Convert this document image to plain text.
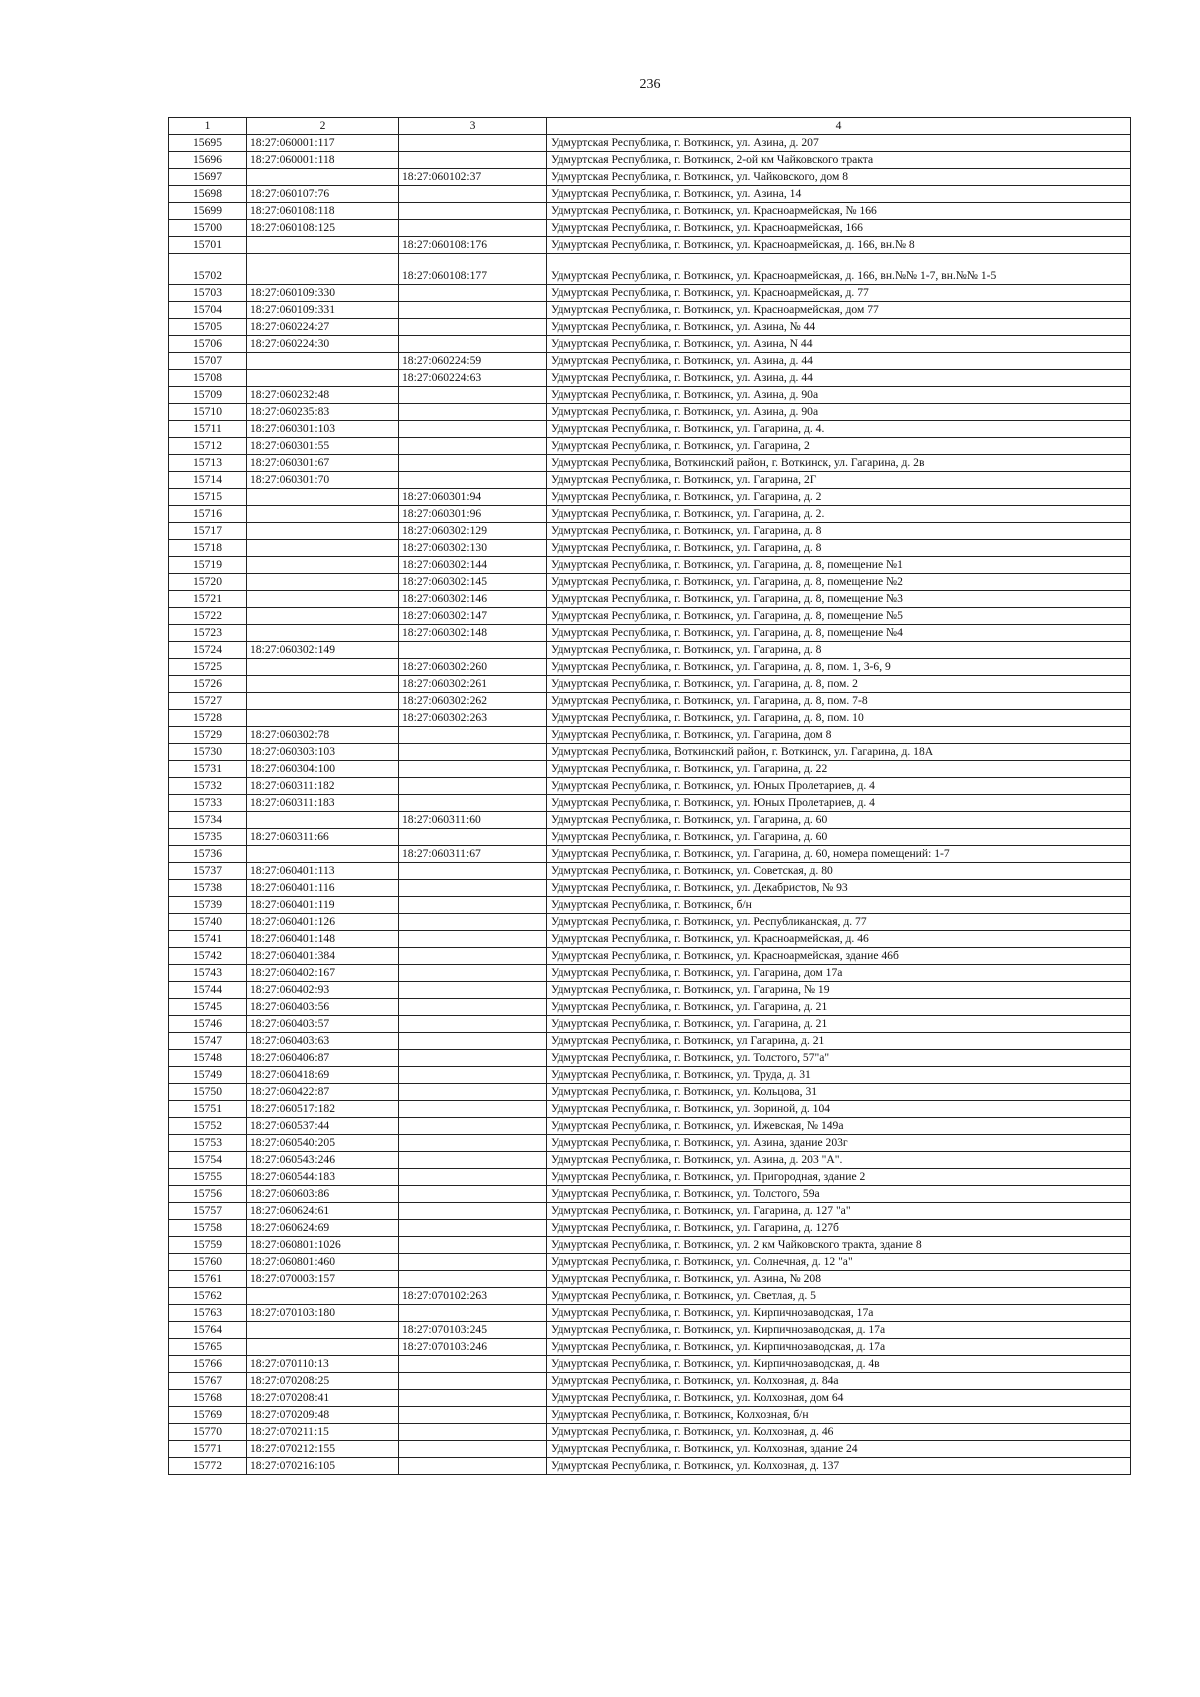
236
1	2	3	4
15695	18:27:060001:117		Удмуртская Республика, г. Воткинск, ул. Азина, д. 207
15696	18:27:060001:118		Удмуртская Республика, г. Воткинск, 2-ой км Чайковского тракта
15697		18:27:060102:37	Удмуртская Республика, г. Воткинск, ул. Чайковского, дом 8
15698	18:27:060107:76		Удмуртская Республика, г. Воткинск, ул. Азина, 14
15699	18:27:060108:118		Удмуртская Республика, г. Воткинск, ул. Красноармейская, № 166
15700	18:27:060108:125		Удмуртская Республика, г. Воткинск, ул. Красноармейская, 166
15701		18:27:060108:176	Удмуртская Республика, г. Воткинск, ул. Красноармейская, д. 166, вн.№ 8
15702		18:27:060108:177	Удмуртская Республика, г. Воткинск, ул. Красноармейская, д. 166, вн.№№ 1-7, вн.№№ 1-5
15703	18:27:060109:330		Удмуртская Республика, г. Воткинск, ул. Красноармейская, д. 77
15704	18:27:060109:331		Удмуртская Республика, г. Воткинск, ул. Красноармейская, дом 77
15705	18:27:060224:27		Удмуртская Республика, г. Воткинск, ул. Азина, № 44
15706	18:27:060224:30		Удмуртская Республика, г. Воткинск, ул. Азина, N 44
15707		18:27:060224:59	Удмуртская Республика, г. Воткинск, ул. Азина, д. 44
15708		18:27:060224:63	Удмуртская Республика, г. Воткинск, ул. Азина, д. 44
15709	18:27:060232:48		Удмуртская Республика, г. Воткинск, ул. Азина, д. 90а
15710	18:27:060235:83		Удмуртская Республика, г. Воткинск, ул. Азина, д. 90а
15711	18:27:060301:103		Удмуртская Республика, г. Воткинск, ул. Гагарина, д. 4.
15712	18:27:060301:55		Удмуртская Республика, г. Воткинск, ул. Гагарина, 2
15713	18:27:060301:67		Удмуртская Республика, Воткинский район, г. Воткинск, ул. Гагарина, д. 2в
15714	18:27:060301:70		Удмуртская Республика, г. Воткинск, ул. Гагарина, 2Г
15715		18:27:060301:94	Удмуртская Республика, г. Воткинск, ул. Гагарина, д. 2
15716		18:27:060301:96	Удмуртская Республика, г. Воткинск, ул. Гагарина, д. 2.
15717		18:27:060302:129	Удмуртская Республика, г. Воткинск, ул. Гагарина, д. 8
15718		18:27:060302:130	Удмуртская Республика, г. Воткинск, ул. Гагарина, д. 8
15719		18:27:060302:144	Удмуртская Республика, г. Воткинск, ул. Гагарина, д. 8, помещение №1
15720		18:27:060302:145	Удмуртская Республика, г. Воткинск, ул. Гагарина, д. 8, помещение №2
15721		18:27:060302:146	Удмуртская Республика, г. Воткинск, ул. Гагарина, д. 8, помещение №3
15722		18:27:060302:147	Удмуртская Республика, г. Воткинск, ул. Гагарина, д. 8, помещение №5
15723		18:27:060302:148	Удмуртская Республика, г. Воткинск, ул. Гагарина, д. 8, помещение №4
15724	18:27:060302:149		Удмуртская Республика, г. Воткинск, ул. Гагарина, д. 8
15725		18:27:060302:260	Удмуртская Республика, г. Воткинск, ул. Гагарина, д. 8, пом. 1, 3-6, 9
15726		18:27:060302:261	Удмуртская Республика, г. Воткинск, ул. Гагарина, д. 8, пом. 2
15727		18:27:060302:262	Удмуртская Республика, г. Воткинск, ул. Гагарина, д. 8, пом. 7-8
15728		18:27:060302:263	Удмуртская Республика, г. Воткинск, ул. Гагарина, д. 8, пом. 10
15729	18:27:060302:78		Удмуртская Республика, г. Воткинск, ул. Гагарина, дом 8
15730	18:27:060303:103		Удмуртская Республика, Воткинский район, г. Воткинск, ул. Гагарина, д. 18А
15731	18:27:060304:100		Удмуртская Республика, г. Воткинск, ул. Гагарина, д. 22
15732	18:27:060311:182		Удмуртская Республика, г. Воткинск, ул. Юных Пролетариев, д. 4
15733	18:27:060311:183		Удмуртская Республика, г. Воткинск, ул. Юных Пролетариев, д. 4
15734		18:27:060311:60	Удмуртская Республика, г. Воткинск, ул. Гагарина, д. 60
15735	18:27:060311:66		Удмуртская Республика, г. Воткинск, ул. Гагарина, д. 60
15736		18:27:060311:67	Удмуртская Республика, г. Воткинск, ул. Гагарина, д. 60, номера помещений: 1-7
15737	18:27:060401:113		Удмуртская Республика, г. Воткинск, ул. Советская, д. 80
15738	18:27:060401:116		Удмуртская Республика, г. Воткинск, ул. Декабристов, № 93
15739	18:27:060401:119		Удмуртская Республика, г. Воткинск, б/н
15740	18:27:060401:126		Удмуртская Республика, г. Воткинск, ул. Республиканская, д. 77
15741	18:27:060401:148		Удмуртская Республика, г. Воткинск, ул. Красноармейская, д. 46
15742	18:27:060401:384		Удмуртская Республика, г. Воткинск, ул. Красноармейская, здание 46б
15743	18:27:060402:167		Удмуртская Республика, г. Воткинск, ул. Гагарина, дом 17а
15744	18:27:060402:93		Удмуртская Республика, г. Воткинск, ул. Гагарина, № 19
15745	18:27:060403:56		Удмуртская Республика, г. Воткинск, ул. Гагарина, д. 21
15746	18:27:060403:57		Удмуртская Республика, г. Воткинск, ул. Гагарина, д. 21
15747	18:27:060403:63		Удмуртская Республика, г. Воткинск, ул Гагарина, д. 21
15748	18:27:060406:87		Удмуртская Республика, г. Воткинск, ул. Толстого, 57"а"
15749	18:27:060418:69		Удмуртская Республика, г. Воткинск, ул. Труда, д. 31
15750	18:27:060422:87		Удмуртская Республика, г. Воткинск, ул. Кольцова, 31
15751	18:27:060517:182		Удмуртская Республика, г. Воткинск, ул. Зориной, д. 104
15752	18:27:060537:44		Удмуртская Республика, г. Воткинск, ул. Ижевская, № 149а
15753	18:27:060540:205		Удмуртская Республика, г. Воткинск, ул. Азина, здание 203г
15754	18:27:060543:246		Удмуртская Республика, г. Воткинск, ул. Азина, д. 203 "А".
15755	18:27:060544:183		Удмуртская Республика, г. Воткинск, ул. Пригородная, здание 2
15756	18:27:060603:86		Удмуртская Республика, г. Воткинск, ул. Толстого, 59а
15757	18:27:060624:61		Удмуртская Республика, г. Воткинск, ул. Гагарина, д. 127 "а"
15758	18:27:060624:69		Удмуртская Республика, г. Воткинск, ул. Гагарина, д. 127б
15759	18:27:060801:1026		Удмуртская Республика, г. Воткинск, ул. 2 км Чайковского тракта, здание 8
15760	18:27:060801:460		Удмуртская Республика, г. Воткинск, ул. Солнечная, д. 12 "а"
15761	18:27:070003:157		Удмуртская Республика, г. Воткинск, ул. Азина, № 208
15762		18:27:070102:263	Удмуртская Республика, г. Воткинск, ул. Светлая, д. 5
15763	18:27:070103:180		Удмуртская Республика, г. Воткинск, ул. Кирпичнозаводская, 17а
15764		18:27:070103:245	Удмуртская Республика, г. Воткинск, ул. Кирпичнозаводская, д. 17а
15765		18:27:070103:246	Удмуртская Республика, г. Воткинск, ул. Кирпичнозаводская, д. 17а
15766	18:27:070110:13		Удмуртская Республика, г. Воткинск, ул. Кирпичнозаводская, д. 4в
15767	18:27:070208:25		Удмуртская Республика, г. Воткинск, ул. Колхозная, д. 84а
15768	18:27:070208:41		Удмуртская Республика, г. Воткинск, ул. Колхозная, дом 64
15769	18:27:070209:48		Удмуртская Республика, г. Воткинск, Колхозная, б/н
15770	18:27:070211:15		Удмуртская Республика, г. Воткинск, ул. Колхозная, д. 46
15771	18:27:070212:155		Удмуртская Республика, г. Воткинск, ул. Колхозная, здание 24
15772	18:27:070216:105		Удмуртская Республика, г. Воткинск, ул. Колхозная, д. 137
